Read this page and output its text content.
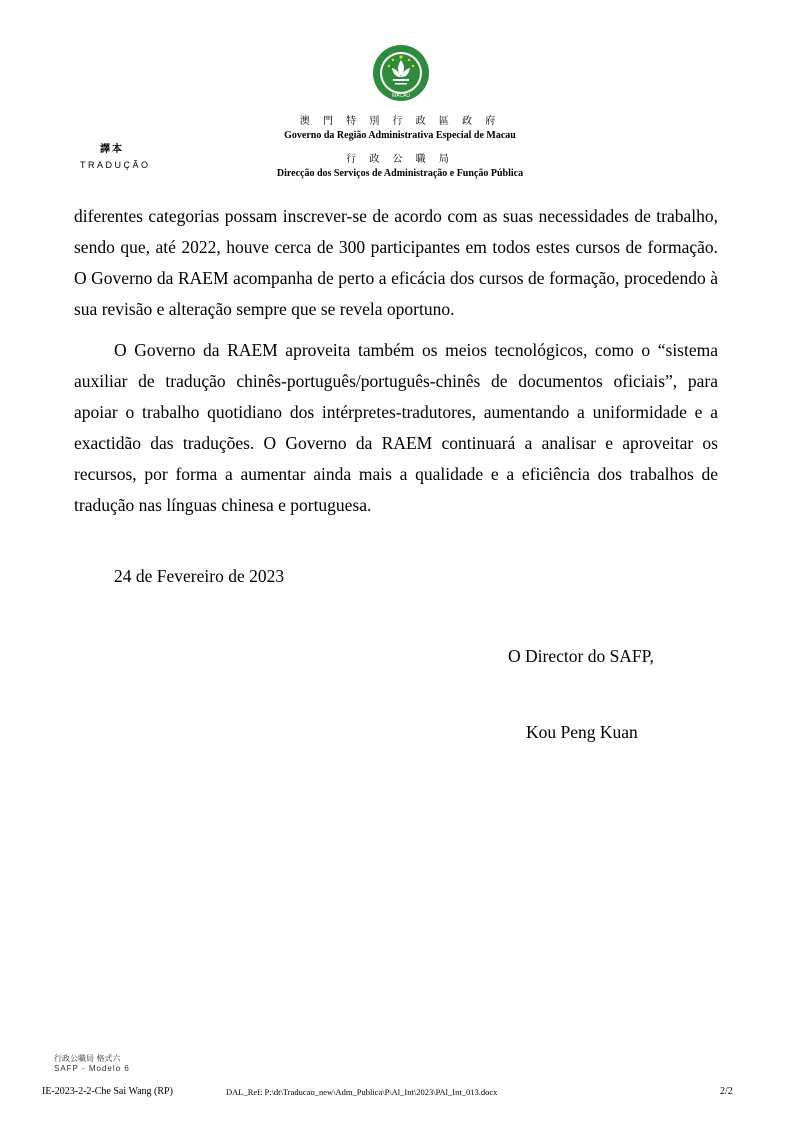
MACAU
澳 門 特 別 行 政 區 政 府
Governo da Região Administrativa Especial de Macau
行 政 公 職 局
Direcção dos Serviços de Administração e Função Pública
譯本
TRADUÇÃO

diferentes categorias possam inscrever-se de acordo com as suas necessidades de trabalho, sendo que, até 2022, houve cerca de 300 participantes em todos estes cursos de formação. O Governo da RAEM acompanha de perto a eficácia dos cursos de formação, procedendo à sua revisão e alteração sempre que se revela oportuno.

O Governo da RAEM aproveita também os meios tecnológicos, como o “sistema auxiliar de tradução chinês-português/português-chinês de documentos oficiais”, para apoiar o trabalho quotidiano dos intérpretes-tradutores, aumentando a uniformidade e a exactidão das traduções. O Governo da RAEM continuará a analisar e aproveitar os recursos, por forma a aumentar ainda mais a qualidade e a eficiência dos trabalhos de tradução nas línguas chinesa e portuguesa.

24 de Fevereiro de 2023
O Director do SAFP,
Kou Peng Kuan
行政公職局 格式六
SAFP - Modelo 6
IE-2023-2-2-Che Sai Wang (RP)	DAL_Ref: P:\dt\Traducao_new\Adm_Publica\P\Al_Int\2023\PAl_Int_013.docx	2/2
